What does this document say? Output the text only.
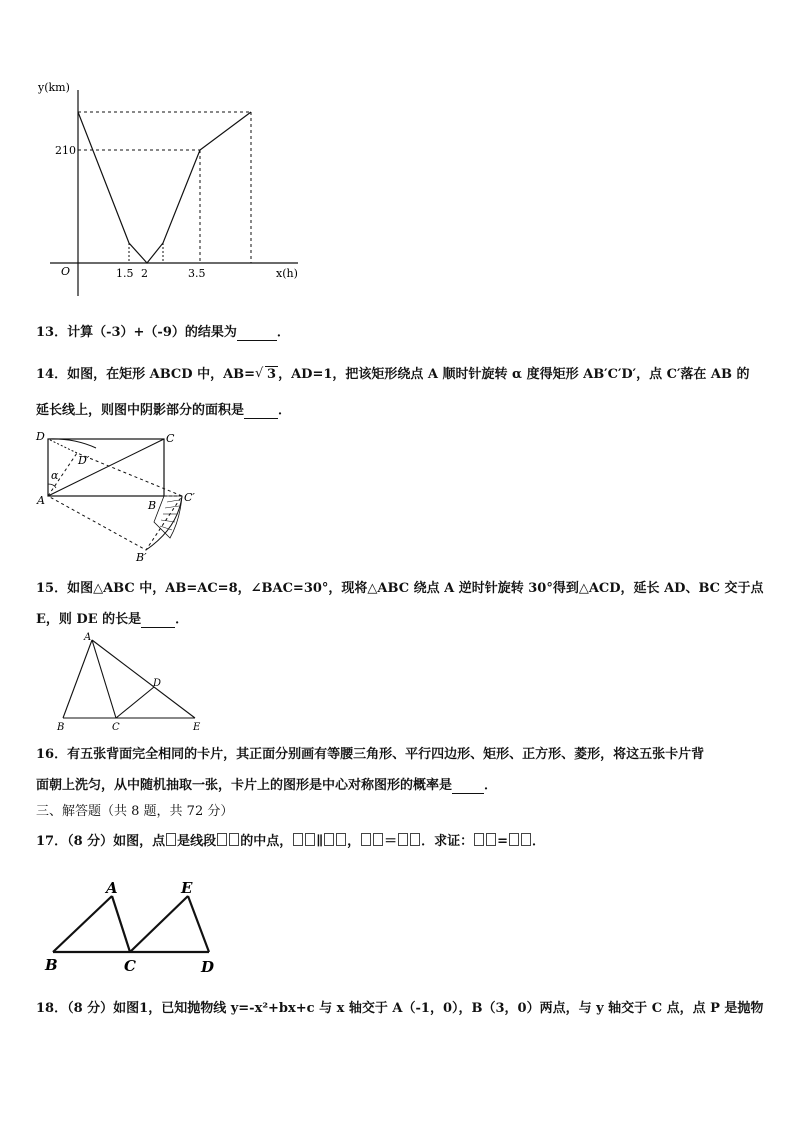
y(km)
x(h)
O
210
1.5 2	3.5
13．计算（-3）+（-9）的结果为	．
14．如图，在矩形 ABCD 中，AB= √ 3 ，AD=1，把该矩形绕点 A 顺时针旋转 α 度得矩形 AB′C′D′，点 C′落在 AB 的
延长线上，则图中阴影部分的面积是	．
D	C
D′
α
A	B
C′
B′
15．如图△ABC 中，AB=AC=8，∠BAC=30°，现将△ABC 绕点 A 逆时针旋转 30°得到△ACD，延长 AD、BC 交于点
E，则 DE 的长是	．
A
B	C
D
E
16．有五张背面完全相同的卡片，其正面分别画有等腰三角形、平行四边形、矩形、正方形、菱形，将这五张卡片背
面朝上洗匀，从中随机抽取一张，卡片上的图形是中心对称图形的概率是 ．
三、解答题（共 8 题，共 72 分）
17．（8 分）如图，点 是线段 的中点， ∥ ， ＝ ．求证： = ．
A	E
B	C	D
18．（8 分）如图1，已知抛物线 y=-x²+bx+c 与 x 轴交于 A（-1，0），B（3，0）两点，与 y 轴交于 C 点，点 P 是抛物
